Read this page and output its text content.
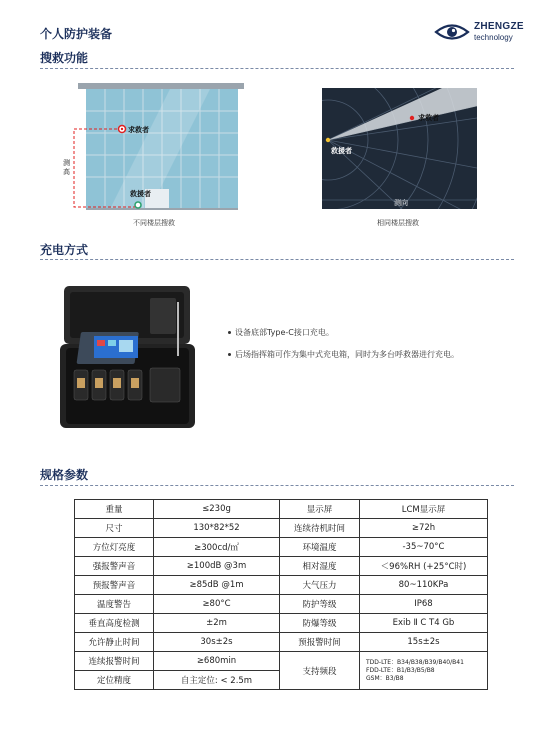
个人防护装备
ZHENGZE
technology
搜救功能
求救者
救援者
测高
不同楼层搜救
求救者
救援者
测向
相同楼层搜救
充电方式
设备底部Type-C接口充电。
后场指挥箱可作为集中式充电箱，同时为多台呼救器进行充电。
规格参数
重量	≤230g	显示屏	LCM显示屏
尺寸	130*82*52	连续待机时间	≥72h
方位灯亮度	≥300cd/㎡	环境温度	-35~70°C
强报警声音	≥100dB @3m	相对湿度	＜96%RH (+25°C时)
预报警声音	≥85dB @1m	大气压力	80~110KPa
温度警告	≥80°C	防护等级	IP68
垂直高度检测	±2m	防爆等级	Exib Ⅱ C T4 Gb
允许静止时间	30s±2s	预报警时间	15s±2s
连续报警时间	≥680min	支持频段	TDD-LTE：B34/B38/B39/B40/B41
FDD-LTE：B1/B3/B5/B8
GSM：B3/B8

定位精度	自主定位: < 2.5m		
